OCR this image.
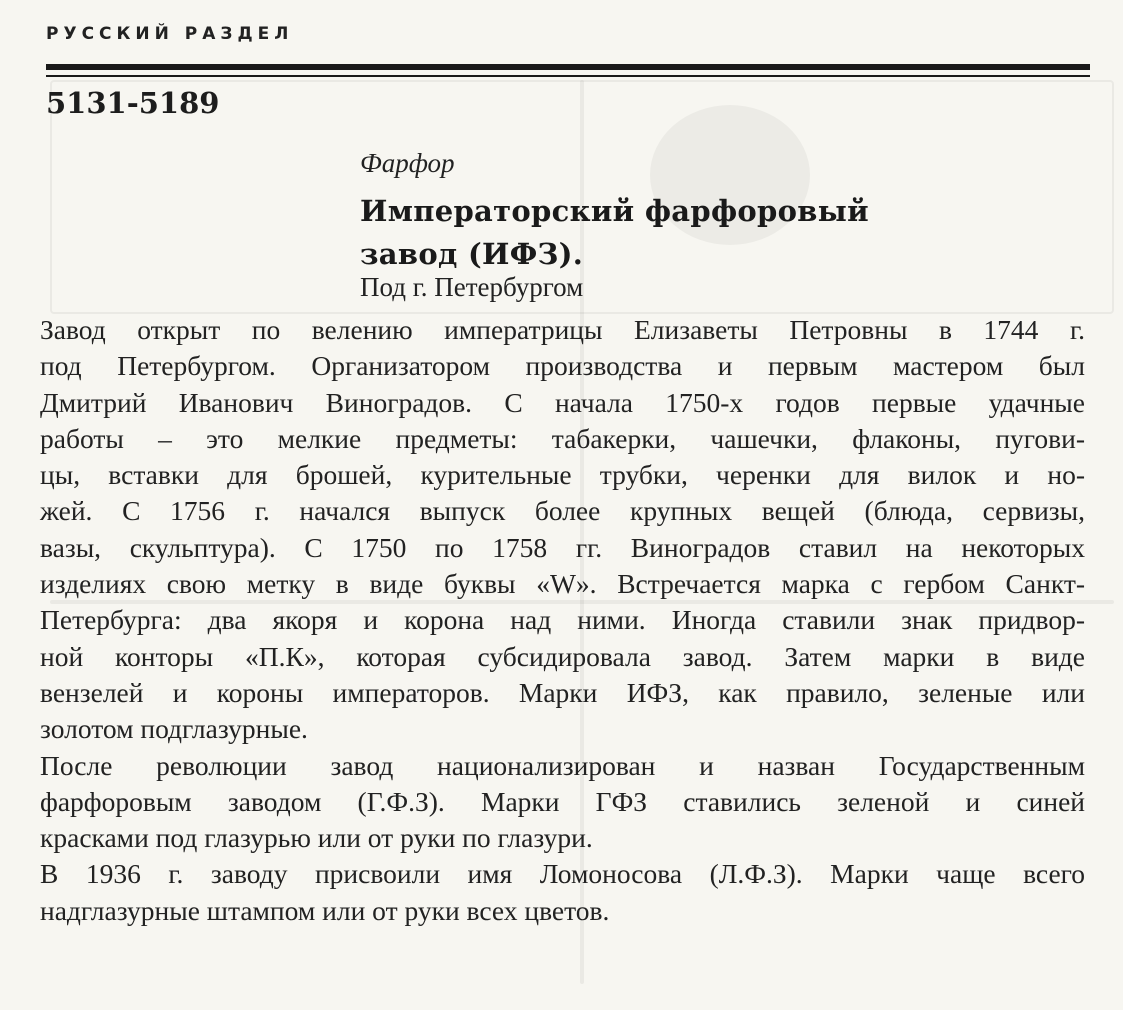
РУССКИЙ РАЗДЕЛ
5131-5189
Фарфор
Императорский фарфоровый
завод (ИФЗ).
Под г. Петербургом
Завод открыт по велению императрицы Елизаветы Петровны в 1744 г.
под Петербургом. Организатором производства и первым мастером был
Дмитрий Иванович Виноградов. С начала 1750-х годов первые удачные
работы – это мелкие предметы: табакерки, чашечки, флаконы, пугови-
цы, вставки для брошей, курительные трубки, черенки для вилок и но-
жей. С 1756 г. начался выпуск более крупных вещей (блюда, сервизы,
вазы, скульптура). С 1750 по 1758 гг. Виноградов ставил на некоторых
изделиях свою метку в виде буквы «W». Встречается марка с гербом Санкт-
Петербурга: два якоря и корона над ними. Иногда ставили знак придвор-
ной конторы «П.К», которая субсидировала завод. Затем марки в виде
вензелей и короны императоров. Марки ИФЗ, как правило, зеленые или
золотом подглазурные.
После революции завод национализирован и назван Государственным
фарфоровым заводом (Г.Ф.З). Марки ГФЗ ставились зеленой и синей
красками под глазурью или от руки по глазури.
В 1936 г. заводу присвоили имя Ломоносова (Л.Ф.З). Марки чаще всего
надглазурные штампом или от руки всех цветов.
